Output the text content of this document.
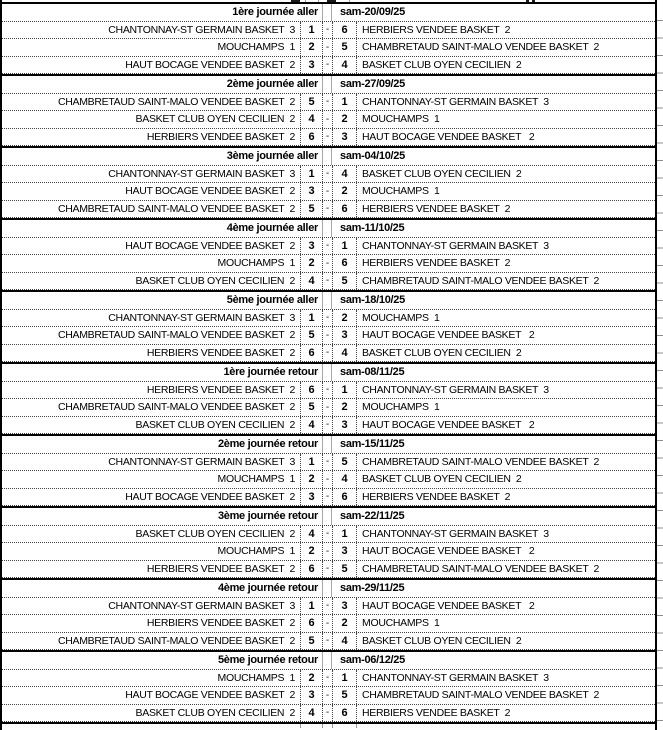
1ère journée aller sam-20/09/25
CHANTONNAY-ST GERMAIN BASKET  3 1 - 6 HERBIERS VENDEE BASKET  2
MOUCHAMPS  1 2 - 5 CHAMBRETAUD SAINT-MALO VENDEE BASKET  2
HAUT BOCAGE VENDEE BASKET  2 3 - 4 BASKET CLUB OYEN CECILIEN  2
2ème journée aller sam-27/09/25
CHAMBRETAUD SAINT-MALO VENDEE BASKET  2 5 - 1 CHANTONNAY-ST GERMAIN BASKET  3
BASKET CLUB OYEN CECILIEN  2 4 - 2 MOUCHAMPS  1
HERBIERS VENDEE BASKET  2 6 - 3 HAUT BOCAGE VENDEE BASKET   2
3ème journée aller sam-04/10/25
CHANTONNAY-ST GERMAIN BASKET  3 1 - 4 BASKET CLUB OYEN CECILIEN  2
HAUT BOCAGE VENDEE BASKET  2 3 - 2 MOUCHAMPS  1
CHAMBRETAUD SAINT-MALO VENDEE BASKET  2 5 - 6 HERBIERS VENDEE BASKET  2
4ème journée aller sam-11/10/25
HAUT BOCAGE VENDEE BASKET  2 3 - 1 CHANTONNAY-ST GERMAIN BASKET  3
MOUCHAMPS  1 2 - 6 HERBIERS VENDEE BASKET  2
BASKET CLUB OYEN CECILIEN  2 4 - 5 CHAMBRETAUD SAINT-MALO VENDEE BASKET  2
5ème journée aller sam-18/10/25
CHANTONNAY-ST GERMAIN BASKET  3 1 - 2 MOUCHAMPS  1
CHAMBRETAUD SAINT-MALO VENDEE BASKET  2 5 - 3 HAUT BOCAGE VENDEE BASKET   2
HERBIERS VENDEE BASKET  2 6 - 4 BASKET CLUB OYEN CECILIEN  2
1ère journée retour sam-08/11/25
HERBIERS VENDEE BASKET  2 6 - 1 CHANTONNAY-ST GERMAIN BASKET  3
CHAMBRETAUD SAINT-MALO VENDEE BASKET  2 5 - 2 MOUCHAMPS  1
BASKET CLUB OYEN CECILIEN  2 4 - 3 HAUT BOCAGE VENDEE BASKET   2
2ème journée retour sam-15/11/25
CHANTONNAY-ST GERMAIN BASKET  3 1 - 5 CHAMBRETAUD SAINT-MALO VENDEE BASKET  2
MOUCHAMPS  1 2 - 4 BASKET CLUB OYEN CECILIEN  2
HAUT BOCAGE VENDEE BASKET  2 3 - 6 HERBIERS VENDEE BASKET  2
3ème journée retour sam-22/11/25
BASKET CLUB OYEN CECILIEN  2 4 - 1 CHANTONNAY-ST GERMAIN BASKET  3
MOUCHAMPS  1 2 - 3 HAUT BOCAGE VENDEE BASKET   2
HERBIERS VENDEE BASKET  2 6 - 5 CHAMBRETAUD SAINT-MALO VENDEE BASKET  2
4ème journée retour sam-29/11/25
CHANTONNAY-ST GERMAIN BASKET  3 1 - 3 HAUT BOCAGE VENDEE BASKET   2
HERBIERS VENDEE BASKET  2 6 - 2 MOUCHAMPS  1
CHAMBRETAUD SAINT-MALO VENDEE BASKET  2 5 - 4 BASKET CLUB OYEN CECILIEN  2
5ème journée retour sam-06/12/25
MOUCHAMPS  1 2 - 1 CHANTONNAY-ST GERMAIN BASKET  3
HAUT BOCAGE VENDEE BASKET  2 3 - 5 CHAMBRETAUD SAINT-MALO VENDEE BASKET  2
BASKET CLUB OYEN CECILIEN  2 4 - 6 HERBIERS VENDEE BASKET  2
